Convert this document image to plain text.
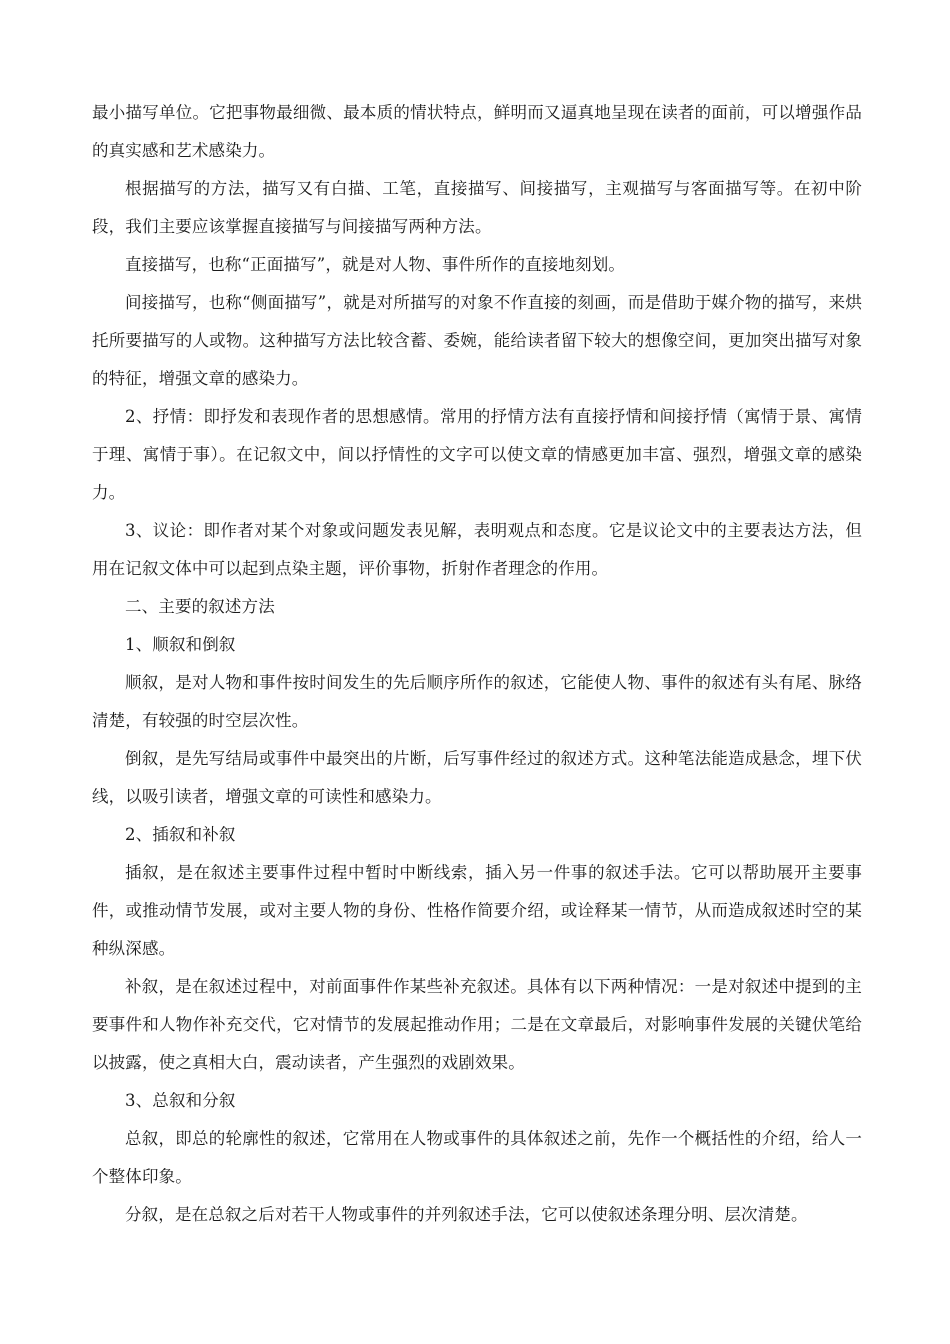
最小描写单位。它把事物最细微、最本质的情状特点，鲜明而又逼真地呈现在读者的面前，可以增强作品的真实感和艺术感染力。

根据描写的方法，描写又有白描、工笔，直接描写、间接描写，主观描写与客面描写等。在初中阶段，我们主要应该掌握直接描写与间接描写两种方法。

直接描写，也称“正面描写”，就是对人物、事件所作的直接地刻划。

间接描写，也称“侧面描写”，就是对所描写的对象不作直接的刻画，而是借助于媒介物的描写，来烘托所要描写的人或物。这种描写方法比较含蓄、委婉，能给读者留下较大的想像空间，更加突出描写对象的特征，增强文章的感染力。

2、抒情：即抒发和表现作者的思想感情。常用的抒情方法有直接抒情和间接抒情（寓情于景、寓情于理、寓情于事）。在记叙文中，间以抒情性的文字可以使文章的情感更加丰富、强烈，增强文章的感染力。

3、议论：即作者对某个对象或问题发表见解，表明观点和态度。它是议论文中的主要表达方法，但用在记叙文体中可以起到点染主题，评价事物，折射作者理念的作用。

二、主要的叙述方法

1、顺叙和倒叙

顺叙，是对人物和事件按时间发生的先后顺序所作的叙述，它能使人物、事件的叙述有头有尾、脉络清楚，有较强的时空层次性。

倒叙，是先写结局或事件中最突出的片断，后写事件经过的叙述方式。这种笔法能造成悬念，埋下伏线，以吸引读者，增强文章的可读性和感染力。

2、插叙和补叙

插叙，是在叙述主要事件过程中暂时中断线索，插入另一件事的叙述手法。它可以帮助展开主要事件，或推动情节发展，或对主要人物的身份、性格作简要介绍，或诠释某一情节，从而造成叙述时空的某种纵深感。

补叙，是在叙述过程中，对前面事件作某些补充叙述。具体有以下两种情况：一是对叙述中提到的主要事件和人物作补充交代，它对情节的发展起推动作用；二是在文章最后，对影响事件发展的关键伏笔给以披露，使之真相大白，震动读者，产生强烈的戏剧效果。

3、总叙和分叙

总叙，即总的轮廓性的叙述，它常用在人物或事件的具体叙述之前，先作一个概括性的介绍，给人一个整体印象。

分叙，是在总叙之后对若干人物或事件的并列叙述手法，它可以使叙述条理分明、层次清楚。
